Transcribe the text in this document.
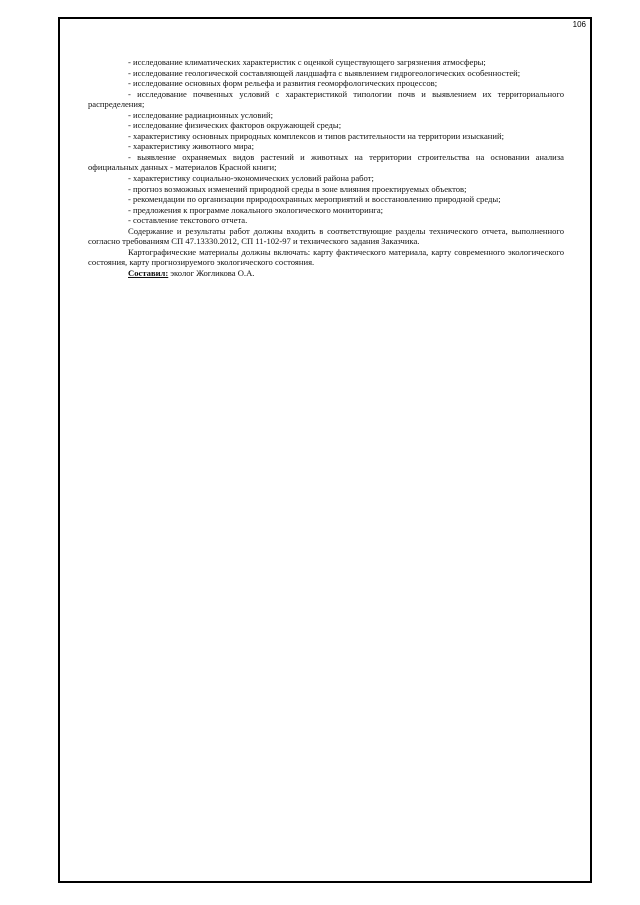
106

- исследование климатических характеристик с оценкой существующего загрязнения атмосферы;

- исследование геологической составляющей ландшафта с выявлением гидрогеологических особенностей;

- исследование основных форм рельефа и развития геоморфологических процессов;

- исследование почвенных условий с характеристикой типологии почв и выявлением их территориального распределения;

- исследование радиационных условий;

- исследование физических факторов окружающей среды;

- характеристику основных природных комплексов и типов растительности на территории изысканий;

- характеристику животного мира;

- выявление охраняемых видов растений и животных на территории строительства на основании анализа официальных данных - материалов Красной книги;

- характеристику социально-экономических условий района работ;

- прогноз возможных изменений природной среды в зоне влияния проектируемых объектов;

- рекомендации по организации природоохранных мероприятий и восстановлению природной среды;

- предложения к программе локального экологического мониторинга;

- составление текстового отчета.

Содержание и результаты работ должны входить в соответствующие разделы технического отчета, выполненного согласно требованиям СП 47.13330.2012, СП 11-102-97 и технического задания Заказчика.

Картографические материалы должны включать: карту фактического материала, карту современного экологического состояния, карту прогнозируемого экологического состояния.

Составил: эколог Жогликова О.А.
